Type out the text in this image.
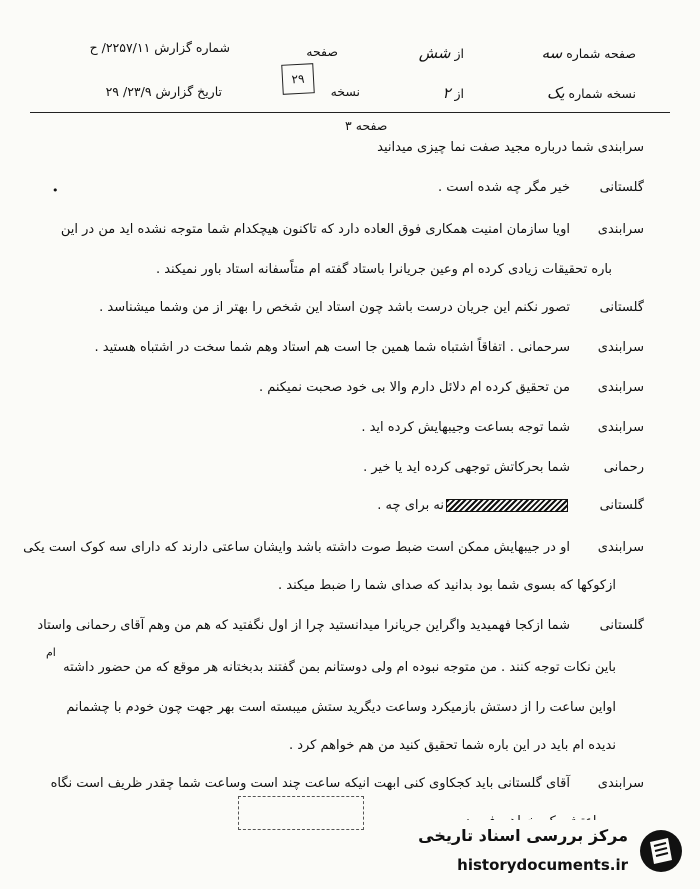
صفحه شماره سه
از شش
صفحه
شماره گزارش ۲۲۵۷/۱۱/ ح
نسخه شماره یک
از ۲
نسخه
۲۹
تاریخ گزارش ۲۳/۹/ ۲۹
صفحه ۳
سرابندی شما درباره مجید صفت نما چیزی میدانید
گلستانیخیر مگر چه شده است .
•
سرابندیاویا سازمان امنیت همکاری فوق العاده دارد که تاکنون هیچکدام شما متوجه نشده اید من در این
باره تحقیقات زیادی کرده ام وعین جریانرا باستاد گفته ام متاًسفانه استاد باور نمیکند .
گلستانیتصور نکنم این جریان درست باشد چون استاد این شخص را بهتر از من وشما میشناسد .
سرابندیسرحمانی . اتفاقاً اشتباه شما همین جا است هم استاد وهم شما سخت در اشتباه هستید .
سرابندیمن تحقیق کرده ام دلائل دارم والا بی خود صحبت نمیکنم .
سرابندیشما توجه بساعت وجیبهایش کرده اید .
رحمانیشما بحرکاتش توجهی کرده اید یا خیر .
گلستانینه برای چه .
سرابندیاو در جیبهایش ممکن است ضبط صوت داشته باشد وایشان ساعتی دارند که دارای سه کوک است یکی
ازکوکها که بسوی شما بود بدانید که صدای شما را ضبط میکند .
گلستانیشما ازکجا فهمیدید واگراین جریانرا میدانستید چرا از اول نگفتید که هم من وهم آقای رحمانی واستاد
ام
باین نکات توجه کنند . من متوجه نبوده ام ولی دوستانم بمن گفتند بدبختانه هر موقع که من حضور داشته
اواین ساعت را از دستش بازمیکرد وساعت دیگرید ستش میبسته است بهر جهت چون خودم با چشمانم
ندیده ام باید در این باره شما تحقیق کنید من هم خواهم کرد .
سرابندیآقای گلستانی باید کجکاوی کنی ابهت انیکه ساعت چند است وساعت شما چقدر ظریف است نگاه
مرکز بررسی اسناد تاریخی
historydocuments.ir
